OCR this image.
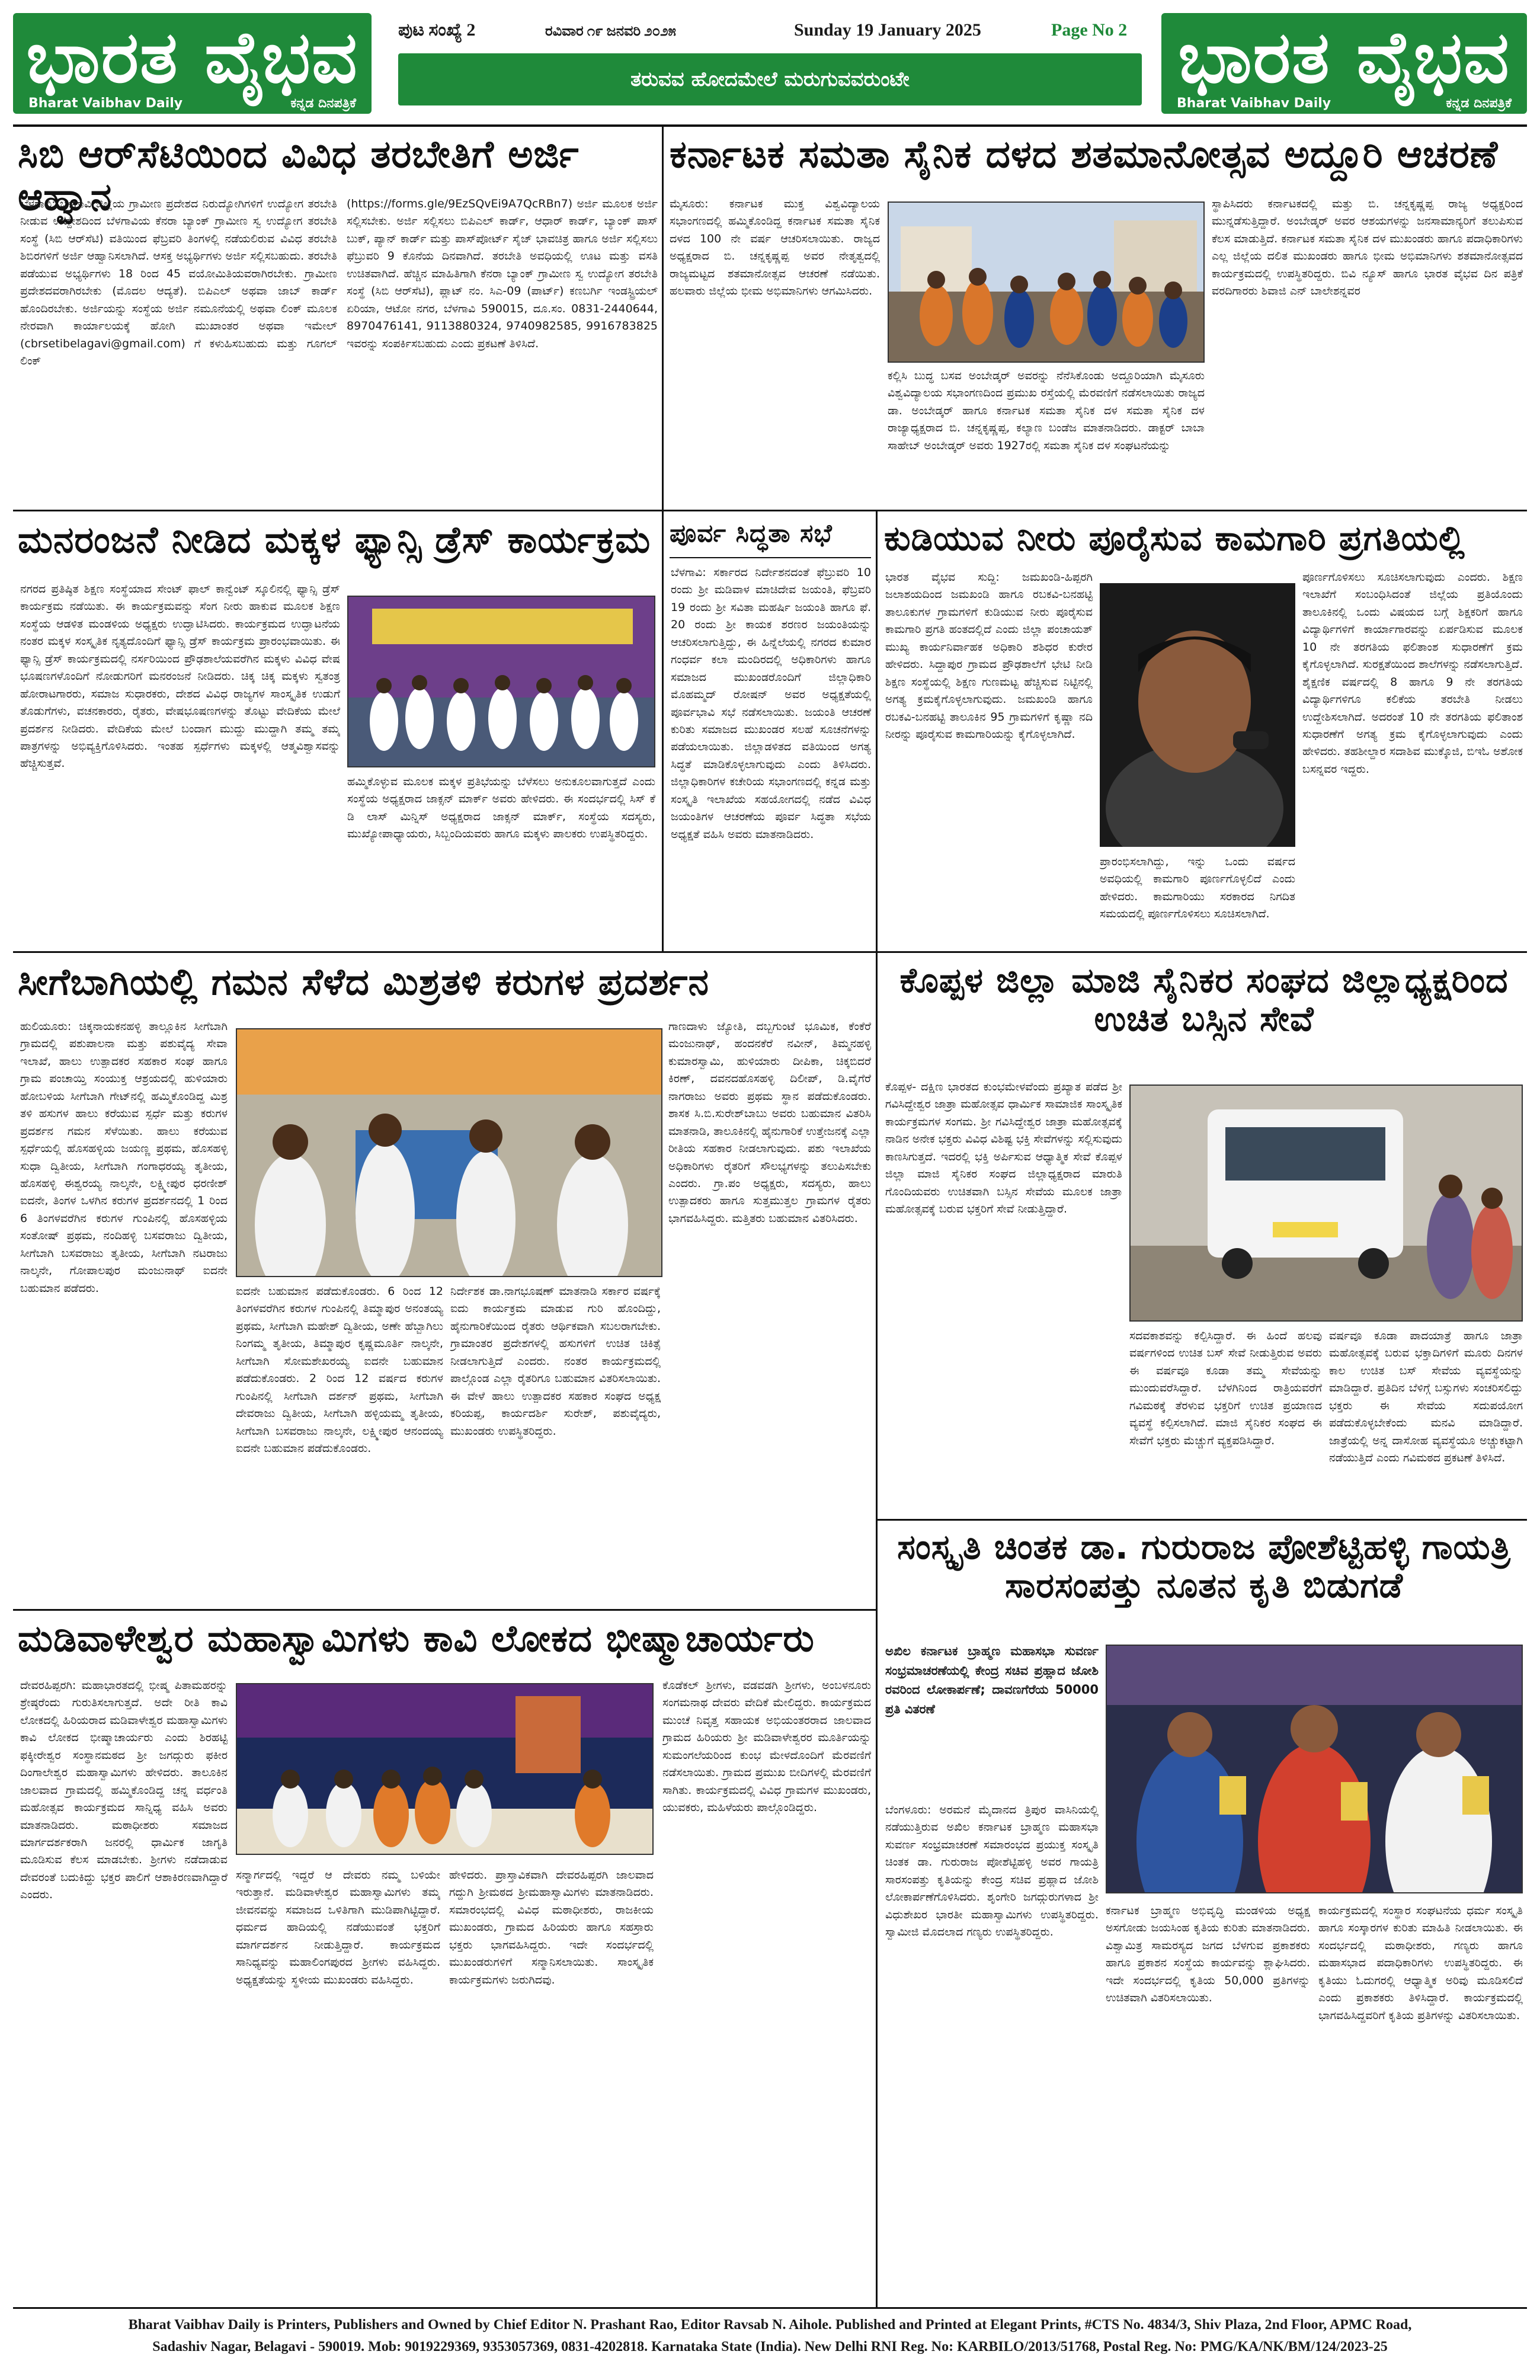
ಭಾರತ ವೈಭವ
Bharat Vaibhav Daily	ಕನ್ನಡ ದಿನಪತ್ರಿಕೆ
ಪುಟ ಸಂಖ್ಯೆ 2	ರವಿವಾರ ೧೯ ಜನವರಿ ೨೦೨೫	Sunday 19 January 2025	Page No 2
ತರುವವ ಹೋದಮೇಲೆ ಮರುಗುವವರುಂಟೇ	ಭಾರತ ವೈಭವ
Bharat Vaibhav Daily	ಕನ್ನಡ ದಿನಪತ್ರಿಕೆ
ಸಿಬಿ ಆರ್‌ಸೆಟಿಯಿಂದ ವಿವಿಧ ತರಬೇತಿಗೆ ಅರ್ಜಿ ಆಹ್ವಾನ
ಬೆಳಗಾವಿ: ಬೆಳಗಾವಿ ಜಿಲ್ಲೆಯ ಗ್ರಾಮೀಣ ಪ್ರದೇಶದ ನಿರುದ್ಯೋಗಿಗಳಿಗೆ ಉದ್ಯೋಗ ತರಬೇತಿ ನೀಡುವ ಉದ್ದೇಶದಿಂದ ಬೆಳಗಾವಿಯ ಕೆನರಾ ಬ್ಯಾಂಕ್ ಗ್ರಾಮೀಣ ಸ್ವ ಉದ್ಯೋಗ ತರಬೇತಿ ಸಂಸ್ಥೆ (ಸಿಬಿ ಆರ್‌ಸೆಟಿ) ವತಿಯಿಂದ ಫೆಬ್ರವರಿ ತಿಂಗಳಲ್ಲಿ ನಡೆಯಲಿರುವ ವಿವಿಧ ತರಬೇತಿ ಶಿಬಿರಗಳಿಗೆ ಅರ್ಜಿ ಆಹ್ವಾನಿಸಲಾಗಿದೆ. ಆಸಕ್ತ ಅಭ್ಯರ್ಥಿಗಳು ಅರ್ಜಿ ಸಲ್ಲಿಸಬಹುದು. ತರಬೇತಿ ಪಡೆಯುವ ಅಭ್ಯರ್ಥಿಗಳು 18 ರಿಂದ 45 ವಯೋಮಿತಿಯವರಾಗಿರಬೇಕು. ಗ್ರಾಮೀಣ ಪ್ರದೇಶದವರಾಗಿರಬೇಕು (ಮೊದಲ ಆದ್ಯತೆ). ಬಿಪಿಎಲ್ ಅಥವಾ ಜಾಬ್ ಕಾರ್ಡ್ ಹೊಂದಿರಬೇಕು. ಅರ್ಜಿಯನ್ನು ಸಂಸ್ಥೆಯ ಅರ್ಜಿ ನಮೂನೆಯಲ್ಲಿ ಅಥವಾ ಲಿಂಕ್ ಮೂಲಕ ನೇರವಾಗಿ ಕಾರ್ಯಾಲಯಕ್ಕೆ ಹೋಗಿ ಮುಖಾಂತರ ಅಥವಾ ಇಮೇಲ್ (cbrsetibelagavi@gmail.com) ಗೆ ಕಳುಹಿಸಬಹುದು ಮತ್ತು ಗೂಗಲ್ ಲಿಂಕ್
(https://forms.gle/9EzSQvEi9A7QcRBn7) ಅರ್ಜಿ ಮೂಲಕ ಅರ್ಜಿ ಸಲ್ಲಿಸಬೇಕು. ಅರ್ಜಿ ಸಲ್ಲಿಸಲು ಬಿಪಿಎಲ್ ಕಾರ್ಡ್, ಆಧಾರ್ ಕಾರ್ಡ್, ಬ್ಯಾಂಕ್ ಪಾಸ್ ಬುಕ್, ಪ್ಯಾನ್ ಕಾರ್ಡ್ ಮತ್ತು ಪಾಸ್‌ಪೋರ್ಟ್ ಸೈಜ್ ಭಾವಚಿತ್ರ ಹಾಗೂ ಅರ್ಜಿ ಸಲ್ಲಿಸಲು ಫೆಬ್ರುವರಿ 9 ಕೊನೆಯ ದಿನವಾಗಿದೆ. ತರಬೇತಿ ಅವಧಿಯಲ್ಲಿ ಊಟ ಮತ್ತು ವಸತಿ ಉಚಿತವಾಗಿದೆ. ಹೆಚ್ಚಿನ ಮಾಹಿತಿಗಾಗಿ ಕೆನರಾ ಬ್ಯಾಂಕ್ ಗ್ರಾಮೀಣ ಸ್ವ ಉದ್ಯೋಗ ತರಬೇತಿ ಸಂಸ್ಥೆ (ಸಿಬಿ ಆರ್‌ಸೆಟಿ), ಪ್ಲಾಟ್ ನಂ. ಸಿಎ-09 (ಪಾರ್ಟ್) ಕಣಬರ್ಗಿ ಇಂಡಸ್ಟ್ರಿಯಲ್ ಏರಿಯಾ, ಆಟೋ ನಗರ, ಬೆಳಗಾವಿ 590015, ದೂ.ಸಂ. 0831-2440644, 8970476141, 9113880324, 9740982585, 9916783825 ಇವರನ್ನು ಸಂಪರ್ಕಿಸಬಹುದು ಎಂದು ಪ್ರಕಟಣೆ ತಿಳಿಸಿದೆ.
ಕರ್ನಾಟಕ ಸಮತಾ ಸೈನಿಕ ದಳದ ಶತಮಾನೋತ್ಸವ ಅದ್ದೂರಿ ಆಚರಣೆ
ಮೈಸೂರು: ಕರ್ನಾಟಕ ಮುಕ್ತ ವಿಶ್ವವಿದ್ಯಾಲಯ ಸಭಾಂಗಣದಲ್ಲಿ ಹಮ್ಮಿಕೊಂಡಿದ್ದ ಕರ್ನಾಟಕ ಸಮತಾ ಸೈನಿಕ ದಳದ 100 ನೇ ವರ್ಷ ಆಚರಿಸಲಾಯಿತು. ರಾಜ್ಯದ ಅಧ್ಯಕ್ಷರಾದ ಬಿ. ಚನ್ನಕೃಷ್ಣಪ್ಪ ಅವರ ನೇತೃತ್ವದಲ್ಲಿ ರಾಜ್ಯಮಟ್ಟದ ಶತಮಾನೋತ್ಸವ ಆಚರಣೆ ನಡೆಯಿತು. ಹಲವಾರು ಜಿಲ್ಲೆಯ ಭೀಮ ಅಭಿಮಾನಿಗಳು ಆಗಮಿಸಿದರು.
ಕಲ್ಲಿಸಿ ಬುದ್ಧ ಬಸವ ಅಂಬೇಡ್ಕರ್ ಅವರನ್ನು ನೆನೆಸಿಕೊಂಡು ಅದ್ದೂರಿಯಾಗಿ ಮೈಸೂರು ವಿಶ್ವವಿದ್ಯಾಲಯ ಸಭಾಂಗಣದಿಂದ ಪ್ರಮುಖ ರಸ್ತೆಯಲ್ಲಿ ಮೆರವಣಿಗೆ ನಡೆಸಲಾಯಿತು ರಾಜ್ಯದ ಡಾ. ಅಂಬೇಡ್ಕರ್ ಹಾಗೂ ಕರ್ನಾಟಕ ಸಮತಾ ಸೈನಿಕ ದಳ ಸಮತಾ ಸೈನಿಕ ದಳ ರಾಜ್ಯಾಧ್ಯಕ್ಷರಾದ ಬಿ. ಚನ್ನಕೃಷ್ಣಪ್ಪ, ಕಲ್ಯಾಣ ಬಂಡೆಜ ಮಾತನಾಡಿದರು. ಡಾಕ್ಟರ್ ಬಾಬಾ ಸಾಹೇಬ್ ಅಂಬೇಡ್ಕರ್ ಅವರು 1927ರಲ್ಲಿ ಸಮತಾ ಸೈನಿಕ ದಳ ಸಂಘಟನೆಯನ್ನು
ಸ್ಥಾಪಿಸಿದರು ಕರ್ನಾಟಕದಲ್ಲಿ ಮತ್ತು ಬಿ. ಚನ್ನಕೃಷ್ಣಪ್ಪ ರಾಜ್ಯ ಅಧ್ಯಕ್ಷರಿಂದ ಮುನ್ನಡೆಸುತ್ತಿದ್ದಾರೆ. ಅಂಬೇಡ್ಕರ್ ಅವರ ಆಶಯಗಳನ್ನು ಜನಸಾಮಾನ್ಯರಿಗೆ ತಲುಪಿಸುವ ಕೆಲಸ ಮಾಡುತ್ತಿದೆ. ಕರ್ನಾಟಕ ಸಮತಾ ಸೈನಿಕ ದಳ ಮುಖಂಡರು ಹಾಗೂ ಪದಾಧಿಕಾರಿಗಳು ಎಲ್ಲ ಜಿಲ್ಲೆಯ ದಲಿತ ಮುಖಂಡರು ಹಾಗೂ ಭೀಮ ಅಭಿಮಾನಿಗಳು ಶತಮಾನೋತ್ಸವದ ಕಾರ್ಯಕ್ರಮದಲ್ಲಿ ಉಪಸ್ಥಿತರಿದ್ದರು. ಬಿವಿ ನ್ಯೂಸ್ ಹಾಗೂ ಭಾರತ ವೈಭವ ದಿನ ಪತ್ರಿಕೆ ವರದಿಗಾರರು ಶಿವಾಜಿ ಎನ್ ಬಾಲೇಶನ್ನವರ
ಮನರಂಜನೆ ನೀಡಿದ ಮಕ್ಕಳ ಫ್ಯಾನ್ಸಿ ಡ್ರೆಸ್ ಕಾರ್ಯಕ್ರಮ
ನಗರದ ಪ್ರತಿಷ್ಠಿತ ಶಿಕ್ಷಣ ಸಂಸ್ಥೆಯಾದ ಸೇಂಟ್ ಫಾಲ್ ಕಾನ್ವೆಂಟ್ ಸ್ಕೂಲಿನಲ್ಲಿ ಫ್ಯಾನ್ಸಿ ಡ್ರೆಸ್ ಕಾರ್ಯಕ್ರಮ ನಡೆಯಿತು. ಈ ಕಾರ್ಯಕ್ರಮವನ್ನು ಸೆಂಗ ನೀರು ಹಾಕುವ ಮೂಲಕ ಶಿಕ್ಷಣ ಸಂಸ್ಥೆಯ ಆಡಳಿತ ಮಂಡಳಿಯ ಅಧ್ಯಕ್ಷರು ಉದ್ಘಾಟಿಸಿದರು. ಕಾರ್ಯಕ್ರಮದ ಉದ್ಘಾಟನೆಯ ನಂತರ ಮಕ್ಕಳ ಸಂಸ್ಕೃತಿಕ ನೃತ್ಯದೊಂದಿಗೆ ಫ್ಯಾನ್ಸಿ ಡ್ರೆಸ್ ಕಾರ್ಯಕ್ರಮ ಪ್ರಾರಂಭವಾಯಿತು. ಈ ಫ್ಯಾನ್ಸಿ ಡ್ರೆಸ್ ಕಾರ್ಯಕ್ರಮದಲ್ಲಿ ನರ್ಸರಿಯಿಂದ ಪ್ರೌಢಶಾಲೆಯವರೆಗಿನ ಮಕ್ಕಳು ವಿವಿಧ ವೇಷ ಭೂಷಣಗಳೊಂದಿಗೆ ನೋಡುಗರಿಗೆ ಮನರಂಜನೆ ನೀಡಿದರು. ಚಿಕ್ಕ ಚಿಕ್ಕ ಮಕ್ಕಳು ಸ್ವತಂತ್ರ ಹೋರಾಟಗಾರರು, ಸಮಾಜ ಸುಧಾರಕರು, ದೇಶದ ವಿವಿಧ ರಾಜ್ಯಗಳ ಸಾಂಸ್ಕೃತಿಕ ಉಡುಗೆ ತೊಡುಗೆಗಳು, ವಚನಕಾರರು, ರೈತರು, ವೇಷಭೂಷಣಗಳನ್ನು ತೊಟ್ಟು ವೇದಿಕೆಯ ಮೇಲೆ ಪ್ರದರ್ಶನ ನೀಡಿದರು. ವೇದಿಕೆಯ ಮೇಲೆ ಬಂದಾಗ ಮುದ್ದು ಮುದ್ದಾಗಿ ತಮ್ಮ ತಮ್ಮ ಪಾತ್ರಗಳನ್ನು ಅಭಿವ್ಯಕ್ತಿಗೊಳಿಸಿದರು. ಇಂತಹ ಸ್ಪರ್ಧೆಗಳು ಮಕ್ಕಳಲ್ಲಿ ಆತ್ಮವಿಶ್ವಾಸವನ್ನು ಹೆಚ್ಚಿಸುತ್ತವೆ.
ಹಮ್ಮಿಕೊಳ್ಳುವ ಮೂಲಕ ಮಕ್ಕಳ ಪ್ರತಿಭೆಯನ್ನು ಬೆಳೆಸಲು ಅನುಕೂಲವಾಗುತ್ತದೆ ಎಂದು ಸಂಸ್ಥೆಯ ಅಧ್ಯಕ್ಷರಾದ ಜಾಕ್ಸನ್ ಮಾರ್ಕ್ ಅವರು ಹೇಳಿದರು. ಈ ಸಂದರ್ಭದಲ್ಲಿ ಸಿಸ್ ಕೆ ಡಿ ಲಾಸ್ ಮಿನ್ನಿಸ್ ಅಧ್ಯಕ್ಷರಾದ ಜಾಕ್ಸನ್ ಮಾರ್ಕ್, ಸಂಸ್ಥೆಯ ಸದಸ್ಯರು, ಮುಖ್ಯೋಪಾಧ್ಯಾಯರು, ಸಿಬ್ಬಂದಿಯವರು ಹಾಗೂ ಮಕ್ಕಳು ಪಾಲಕರು ಉಪಸ್ಥಿತರಿದ್ದರು.
ಪೂರ್ವ ಸಿದ್ಧತಾ ಸಭೆ
ಬೆಳಗಾವಿ: ಸರ್ಕಾರದ ನಿರ್ದೇಶನದಂತೆ ಫೆಬ್ರುವರಿ 10 ರಂದು ಶ್ರೀ ಮಡಿವಾಳ ಮಾಚಿದೇವ ಜಯಂತಿ, ಫೆಬ್ರವರಿ 19 ರಂದು ಶ್ರೀ ಸವಿತಾ ಮಹರ್ಷಿ ಜಯಂತಿ ಹಾಗೂ ಫೆ. 20 ರಂದು ಶ್ರೀ ಕಾಯಕ ಶರಣರ ಜಯಂತಿಯನ್ನು ಆಚರಿಸಲಾಗುತ್ತಿದ್ದು, ಈ ಹಿನ್ನೆಲೆಯಲ್ಲಿ ನಗರದ ಕುಮಾರ ಗಂಧರ್ವ ಕಲಾ ಮಂದಿರದಲ್ಲಿ ಅಧಿಕಾರಿಗಳು ಹಾಗೂ ಸಮಾಜದ ಮುಖಂಡರೊಂದಿಗೆ ಜಿಲ್ಲಾಧಿಕಾರಿ ಮೊಹಮ್ಮದ್ ರೋಷನ್ ಅವರ ಅಧ್ಯಕ್ಷತೆಯಲ್ಲಿ ಪೂರ್ವಭಾವಿ ಸಭೆ ನಡೆಸಲಾಯಿತು. ಜಯಂತಿ ಆಚರಣೆ ಕುರಿತು ಸಮಾಜದ ಮುಖಂಡರ ಸಲಹೆ ಸೂಚನೆಗಳನ್ನು ಪಡೆಯಲಾಯಿತು. ಜಿಲ್ಲಾಡಳಿತದ ವತಿಯಿಂದ ಅಗತ್ಯ ಸಿದ್ಧತೆ ಮಾಡಿಕೊಳ್ಳಲಾಗುವುದು ಎಂದು ತಿಳಿಸಿದರು. ಜಿಲ್ಲಾಧಿಕಾರಿಗಳ ಕಚೇರಿಯ ಸಭಾಂಗಣದಲ್ಲಿ ಕನ್ನಡ ಮತ್ತು ಸಂಸ್ಕೃತಿ ಇಲಾಖೆಯ ಸಹಯೋಗದಲ್ಲಿ ನಡೆದ ವಿವಿಧ ಜಯಂತಿಗಳ ಆಚರಣೆಯ ಪೂರ್ವ ಸಿದ್ಧತಾ ಸಭೆಯ ಅಧ್ಯಕ್ಷತೆ ವಹಿಸಿ ಅವರು ಮಾತನಾಡಿದರು.
ಕುಡಿಯುವ ನೀರು ಪೂರೈಸುವ ಕಾಮಗಾರಿ ಪ್ರಗತಿಯಲ್ಲಿ
ಭಾರತ ವೈಭವ ಸುದ್ದಿ: ಜಮಖಂಡಿ-ಹಿಪ್ಪರಗಿ ಜಲಾಶಯದಿಂದ ಜಮಖಂಡಿ ಹಾಗೂ ರಬಕವಿ-ಬನಹಟ್ಟಿ ತಾಲೂಕುಗಳ ಗ್ರಾಮಗಳಿಗೆ ಕುಡಿಯುವ ನೀರು ಪೂರೈಸುವ ಕಾಮಗಾರಿ ಪ್ರಗತಿ ಹಂತದಲ್ಲಿದೆ ಎಂದು ಜಿಲ್ಲಾ ಪಂಚಾಯತ್ ಮುಖ್ಯ ಕಾರ್ಯನಿರ್ವಾಹಕ ಅಧಿಕಾರಿ ಶಶಿಧರ ಕುರೇರ ಹೇಳಿದರು. ಸಿದ್ದಾಪುರ ಗ್ರಾಮದ ಪ್ರೌಢಶಾಲೆಗೆ ಭೇಟಿ ನೀಡಿ ಶಿಕ್ಷಣ ಸಂಸ್ಥೆಯಲ್ಲಿ ಶಿಕ್ಷಣ ಗುಣಮಟ್ಟ ಹೆಚ್ಚಿಸುವ ನಿಟ್ಟಿನಲ್ಲಿ ಅಗತ್ಯ ಕ್ರಮಕೈಗೊಳ್ಳಲಾಗುವುದು. ಜಮಖಂಡಿ ಹಾಗೂ ರಬಕವಿ-ಬನಹಟ್ಟಿ ತಾಲೂಕಿನ 95 ಗ್ರಾಮಗಳಿಗೆ ಕೃಷ್ಣಾ ನದಿ ನೀರನ್ನು ಪೂರೈಸುವ ಕಾಮಗಾರಿಯನ್ನು ಕೈಗೊಳ್ಳಲಾಗಿದೆ.
ಪ್ರಾರಂಭಿಸಲಾಗಿದ್ದು, ಇನ್ನು ಒಂದು ವರ್ಷದ ಅವಧಿಯಲ್ಲಿ ಕಾಮಗಾರಿ ಪೂರ್ಣಗೊಳ್ಳಲಿದೆ ಎಂದು ಹೇಳಿದರು. ಕಾಮಗಾರಿಯು ಸರಕಾರದ ನಿಗದಿತ ಸಮಯದಲ್ಲಿ ಪೂರ್ಣಗೊಳಿಸಲು ಸೂಚಿಸಲಾಗಿದೆ.
ಪೂರ್ಣಗೊಳಿಸಲು ಸೂಚಿಸಲಾಗುವುದು ಎಂದರು. ಶಿಕ್ಷಣ ಇಲಾಖೆಗೆ ಸಂಬಂಧಿಸಿದಂತೆ ಜಿಲ್ಲೆಯ ಪ್ರತಿಯೊಂದು ತಾಲೂಕಿನಲ್ಲಿ ಒಂದು ವಿಷಯದ ಬಗ್ಗೆ ಶಿಕ್ಷಕರಿಗೆ ಹಾಗೂ ವಿದ್ಯಾರ್ಥಿಗಳಿಗೆ ಕಾರ್ಯಾಗಾರವನ್ನು ಏರ್ಪಡಿಸುವ ಮೂಲಕ 10 ನೇ ತರಗತಿಯ ಫಲಿತಾಂಶ ಸುಧಾರಣೆಗೆ ಕ್ರಮ ಕೈಗೊಳ್ಳಲಾಗಿದೆ. ಸುರಕ್ಷತೆಯಿಂದ ಶಾಲೆಗಳನ್ನು ನಡೆಸಲಾಗುತ್ತಿದೆ. ಶೈಕ್ಷಣಿಕ ವರ್ಷದಲ್ಲಿ 8 ಹಾಗೂ 9 ನೇ ತರಗತಿಯ ವಿದ್ಯಾರ್ಥಿಗಳಿಗೂ ಕಲಿಕೆಯ ತರಬೇತಿ ನೀಡಲು ಉದ್ದೇಶಿಸಲಾಗಿದೆ. ಅದರಂತೆ 10 ನೇ ತರಗತಿಯ ಫಲಿತಾಂಶ ಸುಧಾರಣೆಗೆ ಅಗತ್ಯ ಕ್ರಮ ಕೈಗೊಳ್ಳಲಾಗುವುದು ಎಂದು ಹೇಳಿದರು. ತಹಶೀಲ್ದಾರ ಸದಾಶಿವ ಮುಕ್ಕೊಜಿ, ಬಿಇಓ ಅಶೋಕ ಬಸನ್ನವರ ಇದ್ದರು.
ಸೀಗೆಬಾಗಿಯಲ್ಲಿ ಗಮನ ಸೆಳೆದ ಮಿಶ್ರತಳಿ ಕರುಗಳ ಪ್ರದರ್ಶನ
ಹುಲಿಯೂರು: ಚಿಕ್ಕನಾಯಕನಹಳ್ಳಿ ತಾಲ್ಲೂಕಿನ ಸೀಗೆಬಾಗಿ ಗ್ರಾಮದಲ್ಲಿ ಪಶುಪಾಲನಾ ಮತ್ತು ಪಶುವೈದ್ಯ ಸೇವಾ ಇಲಾಖೆ, ಹಾಲು ಉತ್ಪಾದಕರ ಸಹಕಾರ ಸಂಘ ಹಾಗೂ ಗ್ರಾಮ ಪಂಚಾಯ್ತಿ ಸಂಯುಕ್ತ ಆಶ್ರಯದಲ್ಲಿ ಹುಳಿಯಾರು ಹೋಬಳಿಯ ಸೀಗೆಬಾಗಿ ಗೇಟ್‌ನಲ್ಲಿ ಹಮ್ಮಿಕೊಂಡಿದ್ದ ಮಿಶ್ರ ತಳಿ ಹಸುಗಳ ಹಾಲು ಕರೆಯುವ ಸ್ಪರ್ಧೆ ಮತ್ತು ಕರುಗಳ ಪ್ರದರ್ಶನ ಗಮನ ಸೆಳೆಯಿತು. ಹಾಲು ಕರೆಯುವ ಸ್ಪರ್ಧೆಯಲ್ಲಿ ಹೊಸಹಳ್ಳಿಯ ಜಯಣ್ಣ ಪ್ರಥಮ, ಹೊಸಹಳ್ಳಿ ಸುಧಾ ದ್ವಿತೀಯ, ಸೀಗೆಬಾಗಿ ಗಂಗಾಧರಯ್ಯ ತೃತೀಯ, ಹೊಸಹಳ್ಳಿ ಈಶ್ವರಯ್ಯ ನಾಲ್ಕನೇ, ಲಕ್ಷ್ಮೀಪುರ ಧರಣೀಶ್ ಐದನೇ, ತಿಂಗಳ ಒಳಗಿನ ಕರುಗಳ ಪ್ರದರ್ಶನದಲ್ಲಿ 1 ರಿಂದ 6 ತಿಂಗಳವರೆಗಿನ ಕರುಗಳ ಗುಂಪಿನಲ್ಲಿ ಹೊಸಹಳ್ಳಿಯ ಸಂತೋಷ್ ಪ್ರಥಮ, ನಂದಿಹಳ್ಳಿ ಬಸವರಾಜು ದ್ವಿತೀಯ, ಸೀಗೆಬಾಗಿ ಬಸವರಾಜು ತೃತೀಯ, ಸೀಗೆಬಾಗಿ ನಟರಾಜು ನಾಲ್ಕನೇ, ಗೋಪಾಲಪುರ ಮಂಜುನಾಥ್ ಐದನೇ ಬಹುಮಾನ ಪಡೆದರು.	ಐದನೇ ಬಹುಮಾನ ಪಡೆದುಕೊಂಡರು. 6 ರಿಂದ 12 ತಿಂಗಳವರೆಗಿನ ಕರುಗಳ ಗುಂಪಿನಲ್ಲಿ ತಿಮ್ಮಾಪುರ ಅನಂತಯ್ಯ ಪ್ರಥಮ, ಸೀಗೆಬಾಗಿ ಮಹೇಶ್ ದ್ವಿತೀಯ, ಅಣೇ ಹೆಬ್ಬಾಗಿಲು ನಿಂಗಮ್ಮ ತೃತೀಯ, ತಿಮ್ಮಾಪುರ ಕೃಷ್ಣಮೂರ್ತಿ ನಾಲ್ಕನೇ, ಸೀಗೆಬಾಗಿ ಸೋಮಶೇಖರಯ್ಯ ಐದನೇ ಬಹುಮಾನ ಪಡೆದುಕೊಂಡರು. 2 ರಿಂದ 12 ವರ್ಷದ ಕರುಗಳ ಗುಂಪಿನಲ್ಲಿ ಸೀಗೆಬಾಗಿ ದರ್ಶನ್ ಪ್ರಥಮ, ಸೀಗೆಬಾಗಿ ದೇವರಾಜು ದ್ವಿತೀಯ, ಸೀಗೆಬಾಗಿ ಹಳ್ಳಿಯಮ್ಮ ತೃತೀಯ, ಸೀಗೆಬಾಗಿ ಬಸವರಾಜು ನಾಲ್ಕನೇ, ಲಕ್ಷ್ಮೀಪುರ ಆನಂದಯ್ಯ ಐದನೇ ಬಹುಮಾನ ಪಡೆದುಕೊಂಡರು.
ನಿರ್ದೇಶಕ ಡಾ.ನಾಗಭೂಷಣ್ ಮಾತನಾಡಿ ಸರ್ಕಾರ ವರ್ಷಕ್ಕೆ ಐದು ಕಾರ್ಯಕ್ರಮ ಮಾಡುವ ಗುರಿ ಹೊಂದಿದ್ದು, ಹೈನುಗಾರಿಕೆಯಿಂದ ರೈತರು ಆರ್ಥಿಕವಾಗಿ ಸಬಲರಾಗಬೇಕು. ಗ್ರಾಮಾಂತರ ಪ್ರದೇಶಗಳಲ್ಲಿ ಹಸುಗಳಿಗೆ ಉಚಿತ ಚಿಕಿತ್ಸೆ ನೀಡಲಾಗುತ್ತಿದೆ ಎಂದರು. ನಂತರ ಕಾರ್ಯಕ್ರಮದಲ್ಲಿ ಪಾಲ್ಗೊಂಡ ಎಲ್ಲಾ ರೈತರಿಗೂ ಬಹುಮಾನ ವಿತರಿಸಲಾಯಿತು. ಈ ವೇಳೆ ಹಾಲು ಉತ್ಪಾದಕರ ಸಹಕಾರ ಸಂಘದ ಅಧ್ಯಕ್ಷ ಕರಿಯಪ್ಪ, ಕಾರ್ಯದರ್ಶಿ ಸುರೇಶ್, ಪಶುವೈದ್ಯರು, ಮುಖಂಡರು ಉಪಸ್ಥಿತರಿದ್ದರು.
ಗಾಣದಾಳು ಜ್ಯೋತಿ, ದಬ್ಬಗುಂಟೆ ಭೂಮಿಕ, ಕೆಂಕೆರೆ ಮಂಜುನಾಥ್, ಹಂದನಕೆರೆ ನವೀನ್, ತಿಮ್ಮನಹಳ್ಳಿ ಕುಮಾರಸ್ವಾಮಿ, ಹುಳಿಯಾರು ದೀಪಿಕಾ, ಚಿಕ್ಕಬಿದರೆ ಕಿರಣ್, ದವನದಹೊಸಹಳ್ಳಿ ದಿಲೀಪ್, ಡಿ.ವೈಗೆರೆ ನಾಗರಾಜು ಅವರು ಪ್ರಥಮ ಸ್ಥಾನ ಪಡೆದುಕೊಂಡರು. ಶಾಸಕ ಸಿ.ಬಿ.ಸುರೇಶ್‌ಬಾಬು ಅವರು ಬಹುಮಾನ ವಿತರಿಸಿ ಮಾತನಾಡಿ, ತಾಲೂಕಿನಲ್ಲಿ ಹೈನುಗಾರಿಕೆ ಉತ್ತೇಜನಕ್ಕೆ ಎಲ್ಲಾ ರೀತಿಯ ಸಹಕಾರ ನೀಡಲಾಗುವುದು. ಪಶು ಇಲಾಖೆಯ ಅಧಿಕಾರಿಗಳು ರೈತರಿಗೆ ಸೌಲಭ್ಯಗಳನ್ನು ತಲುಪಿಸಬೇಕು ಎಂದರು. ಗ್ರಾ.ಪಂ ಅಧ್ಯಕ್ಷರು, ಸದಸ್ಯರು, ಹಾಲು ಉತ್ಪಾದಕರು ಹಾಗೂ ಸುತ್ತಮುತ್ತಲ ಗ್ರಾಮಗಳ ರೈತರು ಭಾಗವಹಿಸಿದ್ದರು. ಮತ್ತಿತರು ಬಹುಮಾನ ವಿತರಿಸಿದರು.
ಕೊಪ್ಪಳ ಜಿಲ್ಲಾ ಮಾಜಿ ಸೈನಿಕರ ಸಂಘದ ಜಿಲ್ಲಾಧ್ಯಕ್ಷರಿಂದ ಉಚಿತ ಬಸ್ಸಿನ ಸೇವೆ
ಕೊಪ್ಪಳ- ದಕ್ಷಿಣ ಭಾರತದ ಕುಂಭಮೇಳವೆಂದು ಪ್ರಖ್ಯಾತ ಪಡೆದ ಶ್ರೀ ಗವಿಸಿದ್ದೇಶ್ವರ ಜಾತ್ರಾ ಮಹೋತ್ಸವ ಧಾರ್ಮಿಕ ಸಾಮಾಜಿಕ ಸಾಂಸ್ಕೃತಿಕ ಕಾರ್ಯಕ್ರಮಗಳ ಸಂಗಮ. ಶ್ರೀ ಗವಿಸಿದ್ದೇಶ್ವರ ಜಾತ್ರಾ ಮಹೋತ್ಸವಕ್ಕೆ ನಾಡಿನ ಅನೇಕ ಭಕ್ತರು ವಿವಿಧ ವಿಶಿಷ್ಟ ಭಕ್ತಿ ಸೇವೆಗಳನ್ನು ಸಲ್ಲಿಸುವುದು ಕಾಣಸಿಗುತ್ತದೆ. ಇದರಲ್ಲಿ ಭಕ್ತಿ ಅರ್ಪಿಸುವ ಆಧ್ಯಾತ್ಮಿಕ ಸೇವೆ ಕೊಪ್ಪಳ ಜಿಲ್ಲಾ ಮಾಜಿ ಸೈನಿಕರ ಸಂಘದ ಜಿಲ್ಲಾಧ್ಯಕ್ಷರಾದ ಮಾರುತಿ ಗೊಂದಿಯವರು ಉಚಿತವಾಗಿ ಬಸ್ಸಿನ ಸೇವೆಯ ಮೂಲಕ ಜಾತ್ರಾ ಮಹೋತ್ಸವಕ್ಕೆ ಬರುವ ಭಕ್ತರಿಗೆ ಸೇವೆ ನೀಡುತ್ತಿದ್ದಾರೆ.
ಸದವಕಾಶವನ್ನು ಕಲ್ಪಿಸಿದ್ದಾರೆ. ಈ ಹಿಂದೆ ಹಲವು ವರ್ಷಗಳಿಂದ ಉಚಿತ ಬಸ್ ಸೇವೆ ನೀಡುತ್ತಿರುವ ಅವರು ಈ ವರ್ಷವೂ ಕೂಡಾ ತಮ್ಮ ಸೇವೆಯನ್ನು ಮುಂದುವರೆಸಿದ್ದಾರೆ. ಬೆಳಗಿನಿಂದ ರಾತ್ರಿಯವರೆಗೆ ಗವಿಮಠಕ್ಕೆ ತೆರಳುವ ಭಕ್ತರಿಗೆ ಉಚಿತ ಪ್ರಯಾಣದ ವ್ಯವಸ್ಥೆ ಕಲ್ಪಿಸಲಾಗಿದೆ. ಮಾಜಿ ಸೈನಿಕರ ಸಂಘದ ಈ ಸೇವೆಗೆ ಭಕ್ತರು ಮೆಚ್ಚುಗೆ ವ್ಯಕ್ತಪಡಿಸಿದ್ದಾರೆ.
ವರ್ಷವೂ ಕೂಡಾ ಪಾದಯಾತ್ರೆ ಹಾಗೂ ಜಾತ್ರಾ ಮಹೋತ್ಸವಕ್ಕೆ ಬರುವ ಭಕ್ತಾದಿಗಳಿಗೆ ಮೂರು ದಿನಗಳ ಕಾಲ ಉಚಿತ ಬಸ್ ಸೇವೆಯ ವ್ಯವಸ್ಥೆಯನ್ನು ಮಾಡಿದ್ದಾರೆ. ಪ್ರತಿದಿನ ಬೆಳಿಗ್ಗೆ ಬಸ್ಸುಗಳು ಸಂಚರಿಸಲಿದ್ದು ಭಕ್ತರು ಈ ಸೇವೆಯ ಸದುಪಯೋಗ ಪಡೆದುಕೊಳ್ಳಬೇಕೆಂದು ಮನವಿ ಮಾಡಿದ್ದಾರೆ. ಜಾತ್ರೆಯಲ್ಲಿ ಅನ್ನ ದಾಸೋಹ ವ್ಯವಸ್ಥೆಯೂ ಅಚ್ಚುಕಟ್ಟಾಗಿ ನಡೆಯುತ್ತಿದೆ ಎಂದು ಗವಿಮಠದ ಪ್ರಕಟಣೆ ತಿಳಿಸಿದೆ.
ಮಡಿವಾಳೇಶ್ವರ ಮಹಾಸ್ವಾಮಿಗಳು ಕಾವಿ ಲೋಕದ ಭೀಷ್ಮಾಚಾರ್ಯರು
ದೇವರಹಿಪ್ಪರಗಿ: ಮಹಾಭಾರತದಲ್ಲಿ ಭೀಷ್ಮ ಪಿತಾಮಹರನ್ನು ಶ್ರೇಷ್ಠರೆಂದು ಗುರುತಿಸಲಾಗುತ್ತದೆ. ಅದೇ ರೀತಿ ಕಾವಿ ಲೋಕದಲ್ಲಿ ಹಿರಿಯರಾದ ಮಡಿವಾಳೇಶ್ವರ ಮಹಾಸ್ವಾಮಿಗಳು ಕಾವಿ ಲೋಕದ ಭೀಷ್ಮಾಚಾರ್ಯರು ಎಂದು ಶಿರಹಟ್ಟಿ ಫಕ್ಕೀರೇಶ್ವರ ಸಂಸ್ಥಾನಮಠದ ಶ್ರೀ ಜಗದ್ಗುರು ಫಕೀರ ದಿಂಗಾಲೇಶ್ವರ ಮಹಾಸ್ವಾಮಿಗಳು ಹೇಳಿದರು. ತಾಲೂಕಿನ ಜಾಲವಾದ ಗ್ರಾಮದಲ್ಲಿ ಹಮ್ಮಿಕೊಂಡಿದ್ದ ಚನ್ನ ವರ್ಧಂತಿ ಮಹೋತ್ಸವ ಕಾರ್ಯಕ್ರಮದ ಸಾನ್ನಿಧ್ಯ ವಹಿಸಿ ಅವರು ಮಾತನಾಡಿದರು. ಮಠಾಧೀಶರು ಸಮಾಜದ ಮಾರ್ಗದರ್ಶಕರಾಗಿ ಜನರಲ್ಲಿ ಧಾರ್ಮಿಕ ಜಾಗೃತಿ ಮೂಡಿಸುವ ಕೆಲಸ ಮಾಡಬೇಕು. ಶ್ರೀಗಳು ನಡೆದಾಡುವ ದೇವರಂತೆ ಬದುಕಿದ್ದು ಭಕ್ತರ ಪಾಲಿಗೆ ಆಶಾಕಿರಣವಾಗಿದ್ದಾರೆ ಎಂದರು.
ಸನ್ಮಾರ್ಗದಲ್ಲಿ ಇದ್ದರೆ ಆ ದೇವರು ನಮ್ಮ ಬಳಿಯೇ ಇರುತ್ತಾನೆ. ಮಡಿವಾಳೇಶ್ವರ ಮಹಾಸ್ವಾಮಿಗಳು ತಮ್ಮ ಜೀವನವನ್ನು ಸಮಾಜದ ಒಳಿತಿಗಾಗಿ ಮುಡಿಪಾಗಿಟ್ಟಿದ್ದಾರೆ. ಧರ್ಮದ ಹಾದಿಯಲ್ಲಿ ನಡೆಯುವಂತೆ ಭಕ್ತರಿಗೆ ಮಾರ್ಗದರ್ಶನ ನೀಡುತ್ತಿದ್ದಾರೆ. ಕಾರ್ಯಕ್ರಮದ ಸಾನಿಧ್ಯವನ್ನು ಮಹಾಲಿಂಗಪುರದ ಶ್ರೀಗಳು ವಹಿಸಿದ್ದರು. ಅಧ್ಯಕ್ಷತೆಯನ್ನು ಸ್ಥಳೀಯ ಮುಖಂಡರು ವಹಿಸಿದ್ದರು.
ಹೇಳಿದರು. ಪ್ರಾಸ್ತಾವಿಕವಾಗಿ ದೇವರಹಿಪ್ಪರಗಿ ಜಾಲವಾದ ಗದ್ದುಗಿ ಶ್ರೀಮಠದ ಶ್ರೀಮಹಾಸ್ವಾಮಿಗಳು ಮಾತನಾಡಿದರು. ಸಮಾರಂಭದಲ್ಲಿ ವಿವಿಧ ಮಠಾಧೀಶರು, ರಾಜಕೀಯ ಮುಖಂಡರು, ಗ್ರಾಮದ ಹಿರಿಯರು ಹಾಗೂ ಸಹಸ್ರಾರು ಭಕ್ತರು ಭಾಗವಹಿಸಿದ್ದರು. ಇದೇ ಸಂದರ್ಭದಲ್ಲಿ ಮುಖಂಡರುಗಳಿಗೆ ಸನ್ಮಾನಿಸಲಾಯಿತು. ಸಾಂಸ್ಕೃತಿಕ ಕಾರ್ಯಕ್ರಮಗಳು ಜರುಗಿದವು.
ಕೊಡೆಕಲ್ ಶ್ರೀಗಳು, ವಡವಡಗಿ ಶ್ರೀಗಳು, ಅಂಬಳನೂರು ಸಂಗಮನಾಥ ದೇವರು ವೇದಿಕೆ ಮೇಲಿದ್ದರು. ಕಾರ್ಯಕ್ರಮದ ಮುಂಚೆ ನಿವೃತ್ತ ಸಹಾಯಕ ಅಭಿಯಂತರರಾದ ಜಾಲವಾದ ಗ್ರಾಮದ ಹಿರಿಯರು ಶ್ರೀ ಮಡಿವಾಳೇಶ್ವರರ ಮೂರ್ತಿಯನ್ನು ಸುಮಂಗಲೆಯರಿಂದ ಕುಂಭ ಮೇಳದೊಂದಿಗೆ ಮೆರವಣಿಗೆ ನಡೆಸಲಾಯಿತು. ಗ್ರಾಮದ ಪ್ರಮುಖ ಬೀದಿಗಳಲ್ಲಿ ಮೆರವಣಿಗೆ ಸಾಗಿತು. ಕಾರ್ಯಕ್ರಮದಲ್ಲಿ ವಿವಿಧ ಗ್ರಾಮಗಳ ಮುಖಂಡರು, ಯುವಕರು, ಮಹಿಳೆಯರು ಪಾಲ್ಗೊಂಡಿದ್ದರು.
ಸಂಸ್ಕೃತಿ ಚಿಂತಕ ಡಾ. ಗುರುರಾಜ ಪೋಶೆಟ್ಟಿಹಳ್ಳಿ ಗಾಯತ್ರಿ ಸಾರಸಂಪತ್ತು ನೂತನ ಕೃತಿ ಬಿಡುಗಡೆ
ಅಖಿಲ ಕರ್ನಾಟಕ ಬ್ರಾಹ್ಮಣ ಮಹಾಸಭಾ ಸುವರ್ಣ ಸಂಭ್ರಮಾಚರಣೆಯಲ್ಲಿ ಕೇಂದ್ರ ಸಚಿವ ಪ್ರಹ್ಲಾದ ಜೋಶಿ ರವರಿಂದ ಲೋಕಾರ್ಪಣೆ; ದಾವಣಗೆರೆಯ 50000 ಪ್ರತಿ ವಿತರಣೆ
ಬೆಂಗಳೂರು: ಅರಮನೆ ಮೈದಾನದ ತ್ರಿಪುರ ವಾಸಿನಿಯಲ್ಲಿ ನಡೆಯುತ್ತಿರುವ ಅಖಿಲ ಕರ್ನಾಟಕ ಬ್ರಾಹ್ಮಣ ಮಹಾಸಭಾ ಸುವರ್ಣ ಸಂಭ್ರಮಾಚರಣೆ ಸಮಾರಂಭದ ಪ್ರಯುಕ್ತ ಸಂಸ್ಕೃತಿ ಚಿಂತಕ ಡಾ. ಗುರುರಾಜ ಪೋಶೆಟ್ಟಿಹಳ್ಳಿ ಅವರ ಗಾಯತ್ರಿ ಸಾರಸಂಪತ್ತು ಕೃತಿಯನ್ನು ಕೇಂದ್ರ ಸಚಿವ ಪ್ರಹ್ಲಾದ ಜೋಶಿ ಲೋಕಾರ್ಪಣೆಗೊಳಿಸಿದರು. ಶೃಂಗೇರಿ ಜಗದ್ಗುರುಗಳಾದ ಶ್ರೀ ವಿಧುಶೇಖರ ಭಾರತೀ ಮಹಾಸ್ವಾಮಿಗಳು ಉಪಸ್ಥಿತರಿದ್ದರು. ಸ್ವಾಮೀಜಿ ಮೊದಲಾದ ಗಣ್ಯರು ಉಪಸ್ಥಿತರಿದ್ದರು.
ಕರ್ನಾಟಕ ಬ್ರಾಹ್ಮಣ ಅಭಿವೃದ್ಧಿ ಮಂಡಳಿಯ ಅಧ್ಯಕ್ಷ ಅಸಗೋಡು ಜಯಸಿಂಹ ಕೃತಿಯ ಕುರಿತು ಮಾತನಾಡಿದರು. ವಿಶ್ವಾಮಿತ್ರ ಸಾಮರಸ್ಯದ ಜಗದ ಬೆಳಗುವ ಪ್ರಕಾಶಕರು ಹಾಗೂ ಪ್ರಕಾಶನ ಸಂಸ್ಥೆಯ ಕಾರ್ಯವನ್ನು ಶ್ಲಾಘಿಸಿದರು. ಇದೇ ಸಂದರ್ಭದಲ್ಲಿ ಕೃತಿಯ 50,000 ಪ್ರತಿಗಳನ್ನು ಉಚಿತವಾಗಿ ವಿತರಿಸಲಾಯಿತು.
ಕಾರ್ಯಕ್ರಮದಲ್ಲಿ ಸಂಸ್ಥಾರ ಸಂಘಟನೆಯ ಧರ್ಮ ಸಂಸ್ಕೃತಿ ಹಾಗೂ ಸಂಸ್ಕಾರಗಳ ಕುರಿತು ಮಾಹಿತಿ ನೀಡಲಾಯಿತು. ಈ ಸಂದರ್ಭದಲ್ಲಿ ಮಠಾಧೀಶರು, ಗಣ್ಯರು ಹಾಗೂ ಮಹಾಸಭಾದ ಪದಾಧಿಕಾರಿಗಳು ಉಪಸ್ಥಿತರಿದ್ದರು. ಈ ಕೃತಿಯು ಓದುಗರಲ್ಲಿ ಆಧ್ಯಾತ್ಮಿಕ ಅರಿವು ಮೂಡಿಸಲಿದೆ ಎಂದು ಪ್ರಕಾಶಕರು ತಿಳಿಸಿದ್ದಾರೆ. ಕಾರ್ಯಕ್ರಮದಲ್ಲಿ ಭಾಗವಹಿಸಿದ್ದವರಿಗೆ ಕೃತಿಯ ಪ್ರತಿಗಳನ್ನು ವಿತರಿಸಲಾಯಿತು.
Bharat Vaibhav Daily is Printers, Publishers and Owned by Chief Editor N. Prashant Rao, Editor Ravsab N. Aihole. Published and Printed at Elegant Prints, #CTS No. 4834/3, Shiv Plaza, 2nd Floor, APMC Road,
Sadashiv Nagar, Belagavi - 590019. Mob: 9019229369, 9353057369, 0831-4202818. Karnataka State (India). New Delhi RNI Reg. No: KARBILO/2013/51768, Postal Reg. No: PMG/KA/NK/BM/124/2023-25
